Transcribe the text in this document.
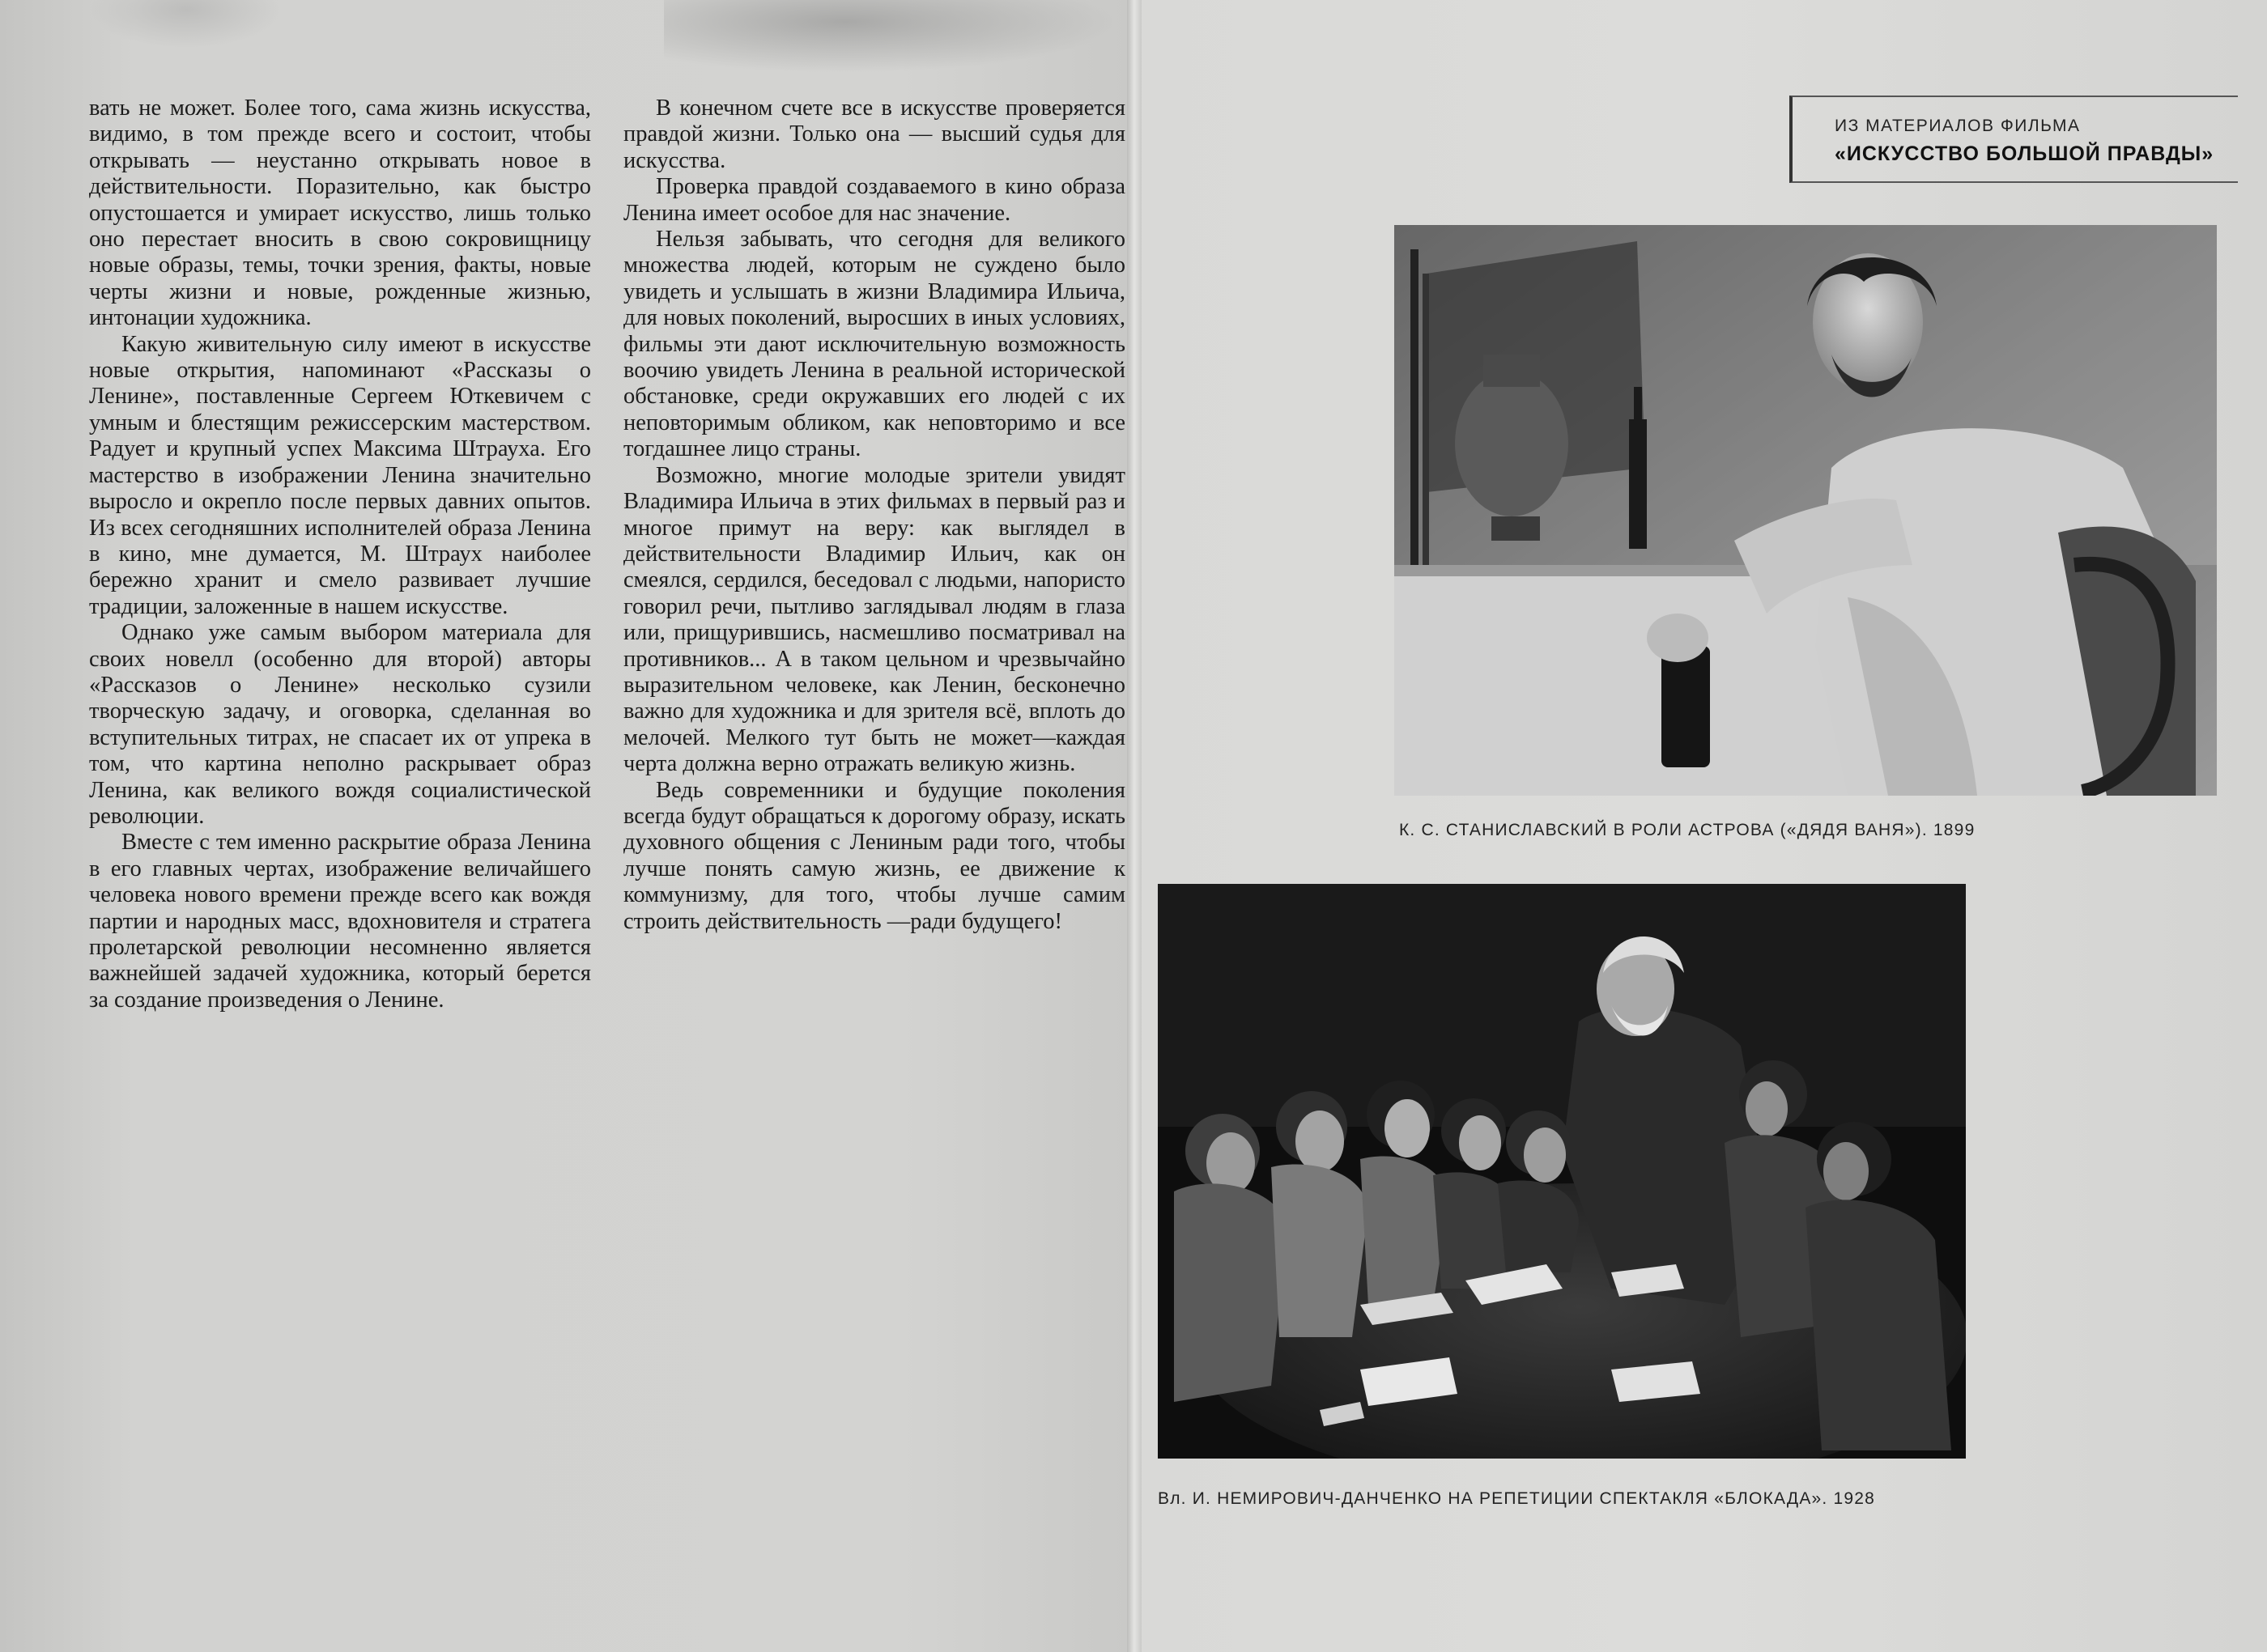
вать не может. Более того, сама жизнь искусства, видимо, в том прежде всего и состоит, чтобы открывать — неустанно открывать новое в действительности. Поразительно, как быстро опустошается и умирает искусство, лишь только оно перестает вносить в свою сокровищницу новые образы, темы, точки зрения, факты, новые черты жизни и новые, рожденные жизнью, интонации художника.

Какую живительную силу имеют в искусстве новые открытия, напоминают «Рассказы о Ленине», поставленные Сергеем Юткевичем с умным и блестящим режиссерским мастерством. Радует и крупный успех Максима Штрауха. Его мастерство в изображении Ленина значительно выросло и окрепло после первых давних опытов. Из всех сегодняшних исполнителей образа Ленина в кино, мне думается, М. Штраух наиболее бережно хранит и смело развивает лучшие традиции, заложенные в нашем искусстве.

Однако уже самым выбором материала для своих новелл (особенно для второй) авторы «Рассказов о Ленине» несколько сузили творческую задачу, и оговорка, сделанная во вступительных титрах, не спасает их от упрека в том, что картина неполно раскрывает образ Ленина, как великого вождя социалистической революции.

Вместе с тем именно раскрытие образа Ленина в его главных чертах, изображение величайшего человека нового времени прежде всего как вождя партии и народных масс, вдохновителя и стратега пролетарской революции несомненно является важнейшей задачей художника, который берется за создание произведения о Ленине.

В конечном счете все в искусстве проверяется правдой жизни. Только она — высший судья для искусства.

Проверка правдой создаваемого в кино образа Ленина имеет особое для нас значение.

Нельзя забывать, что сегодня для великого множества людей, которым не суждено было увидеть и услышать в жизни Владимира Ильича, для новых поколений, выросших в иных условиях, фильмы эти дают исключительную возможность воочию увидеть Ленина в реальной исторической обстановке, среди окружавших его людей с их неповторимым обликом, как неповторимо и все тогдашнее лицо страны.

Возможно, многие молодые зрители увидят Владимира Ильича в этих фильмах в первый раз и многое примут на веру: как выглядел в действительности Владимир Ильич, как он смеялся, сердился, беседовал с людьми, напористо говорил речи, пытливо заглядывал людям в глаза или, прищурившись, насмешливо посматривал на противников... А в таком цельном и чрезвычайно выразительном человеке, как Ленин, бесконечно важно для художника и для зрителя всё, вплоть до мелочей. Мелкого тут быть не может—каждая черта должна верно отражать великую жизнь.

Ведь современники и будущие поколения всегда будут обращаться к дорогому образу, искать духовного общения с Лениным ради того, чтобы лучше понять самую жизнь, ее движение к коммунизму, для того, чтобы лучше самим строить действительность —ради будущего!

ИЗ МАТЕРИАЛОВ ФИЛЬМА
«ИСКУССТВО БОЛЬШОЙ ПРАВДЫ»
К. С. СТАНИСЛАВСКИЙ В РОЛИ АСТРОВА («ДЯДЯ ВАНЯ»). 1899
Вл. И. НЕМИРОВИЧ-ДАНЧЕНКО НА РЕПЕТИЦИИ СПЕКТАКЛЯ «БЛОКАДА». 1928
